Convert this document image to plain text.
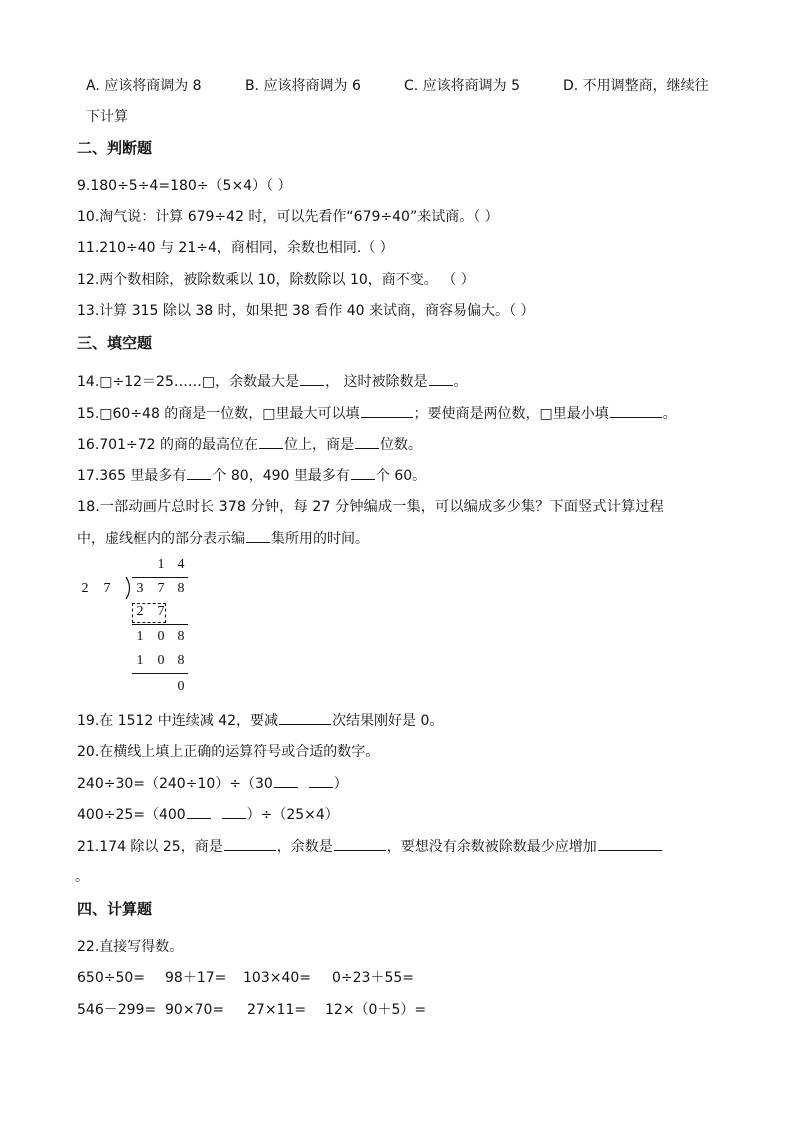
A. 应该将商调为 8	B. 应该将商调为 6	C. 应该将商调为 5	D. 不用调整商，继续往
下计算
二、判断题
9.180÷5÷4=180÷（5×4）（ ）
10.淘气说：计算 679÷42 时，可以先看作“679÷40”来试商。（ ）
11.210÷40 与 21÷4，商相同，余数也相同.（ ）
12.两个数相除，被除数乘以 10，除数除以 10，商不变。 （ ）
13.计算 315 除以 38 时，如果把 38 看作 40 来试商，商容易偏大。（ ）
三、填空题
14.□÷12＝25……□，余数最大是 ， 这时被除数是 。
15.□60÷48 的商是一位数，□里最大可以填	；要使商是两位数，□里最小填	。
16.701÷72 的商的最高位在 位上，商是 位数。
17.365 里最多有 个 80，490 里最多有 个 60。
18.一部动画片总时长 378 分钟，每 27 分钟编成一集，可以编成多少集？下面竖式计算过程
中，虚线框内的部分表示编 集所用的时间。
1 4
2 7 3 7 8
2 7
1 0 8
1 0 8
0
19.在 1512 中连续减 42，要减	次结果刚好是 0。
20.在横线上填上正确的运算符号或合适的数字。
240÷30=（240÷10）÷（30	）
400÷25=（400	）÷（25×4）
21.174 除以 25，商是	，余数是	，要想没有余数被除数最少应增加
。
四、计算题
22.直接写得数。
650÷50= 98＋17= 103×40= 0÷23＋55=
546－299= 90×70= 27×11= 12×（0＋5）=
